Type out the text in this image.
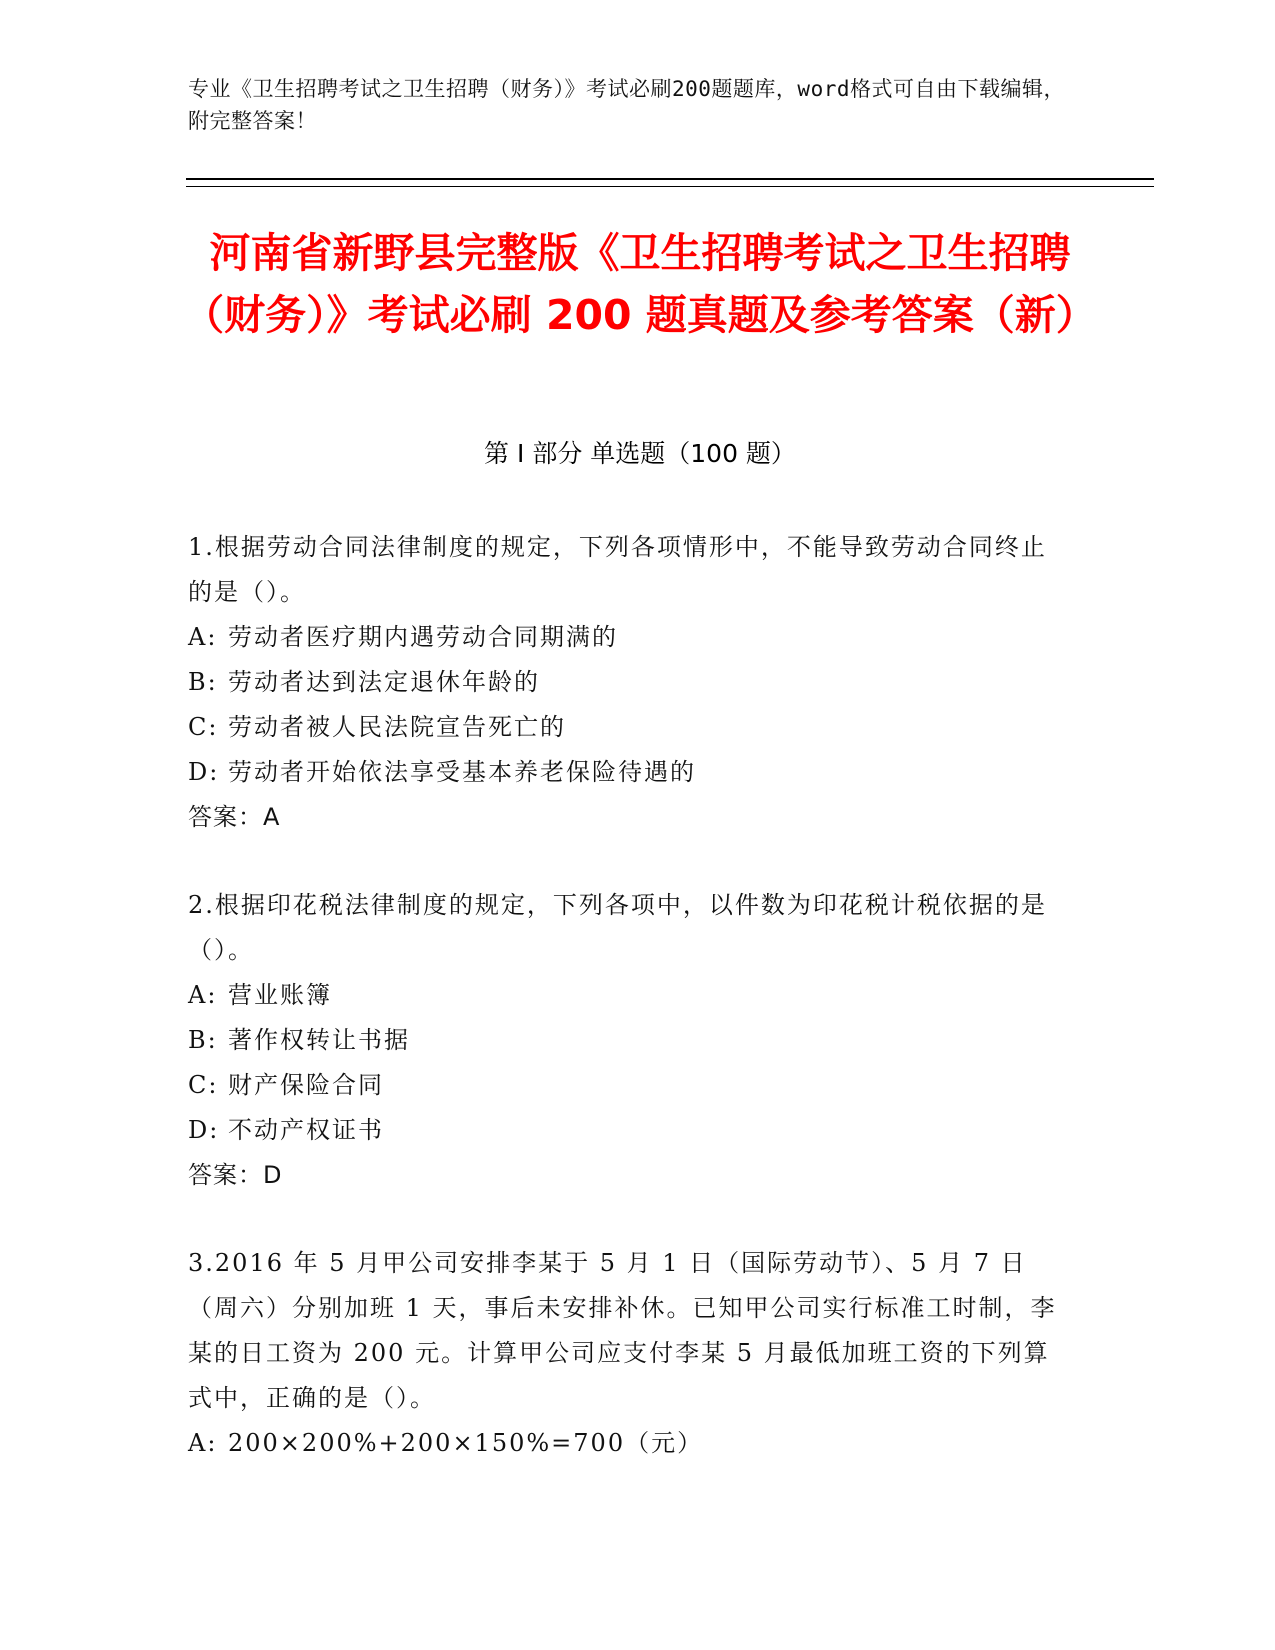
专业《卫生招聘考试之卫生招聘（财务）》考试必刷200题题库，word格式可自由下载编辑，附完整答案！
河南省新野县完整版《卫生招聘考试之卫生招聘（财务）》考试必刷 200 题真题及参考答案（新）
第 I 部分 单选题（100 题）
1.根据劳动合同法律制度的规定，下列各项情形中，不能导致劳动合同终止的是（）。
A: 劳动者医疗期内遇劳动合同期满的
B: 劳动者达到法定退休年龄的
C: 劳动者被人民法院宣告死亡的
D: 劳动者开始依法享受基本养老保险待遇的
答案：A
2.根据印花税法律制度的规定，下列各项中，以件数为印花税计税依据的是（）。
A: 营业账簿
B: 著作权转让书据
C: 财产保险合同
D: 不动产权证书
答案：D
3.2016 年 5 月甲公司安排李某于 5 月 1 日（国际劳动节）、5 月 7 日（周六）分别加班 1 天，事后未安排补休。已知甲公司实行标准工时制，李某的日工资为 200 元。计算甲公司应支付李某 5 月最低加班工资的下列算式中，正确的是（）。
A: 200×200%+200×150%=700（元）
